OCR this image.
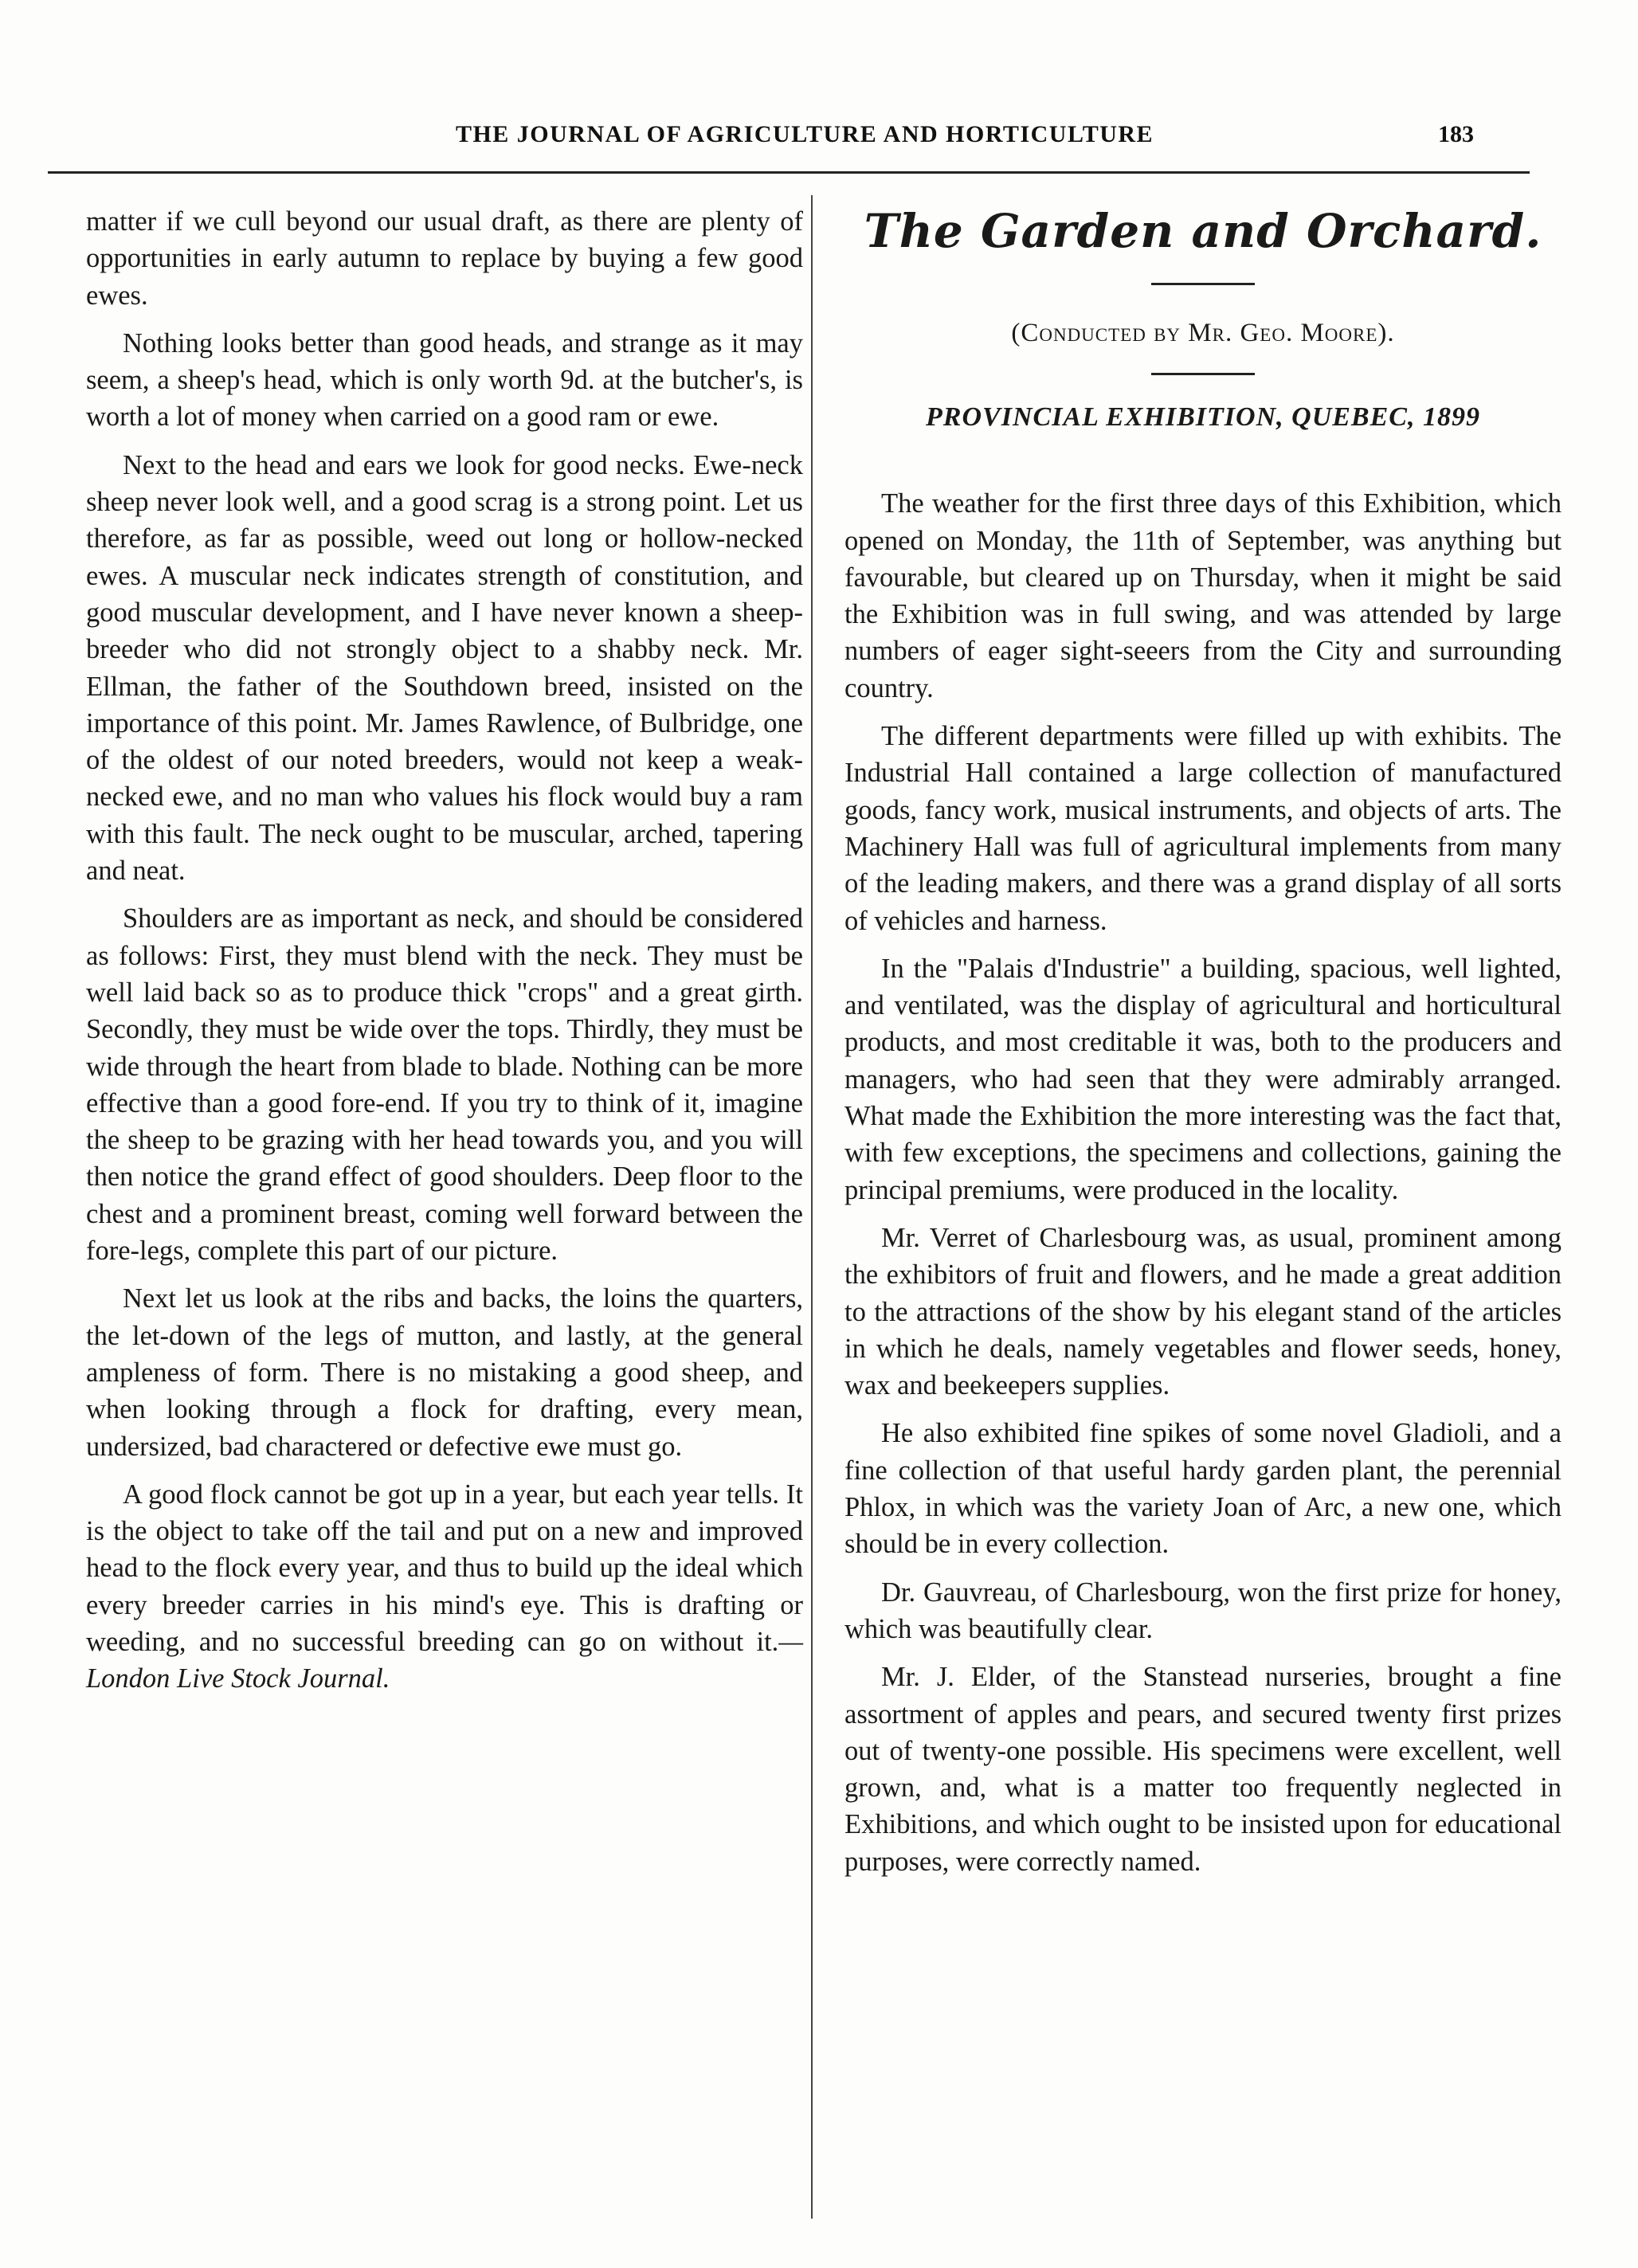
THE JOURNAL OF AGRICULTURE AND HORTICULTURE	183

matter if we cull beyond our usual draft, as there are plenty of opportunities in early autumn to replace by buying a few good ewes.

Nothing looks better than good heads, and strange as it may seem, a sheep's head, which is only worth 9d. at the butcher's, is worth a lot of money when carried on a good ram or ewe.

Next to the head and ears we look for good necks. Ewe-neck sheep never look well, and a good scrag is a strong point. Let us therefore, as far as possible, weed out long or hollow-necked ewes. A muscular neck indicates strength of constitution, and good muscular development, and I have never known a sheep-breeder who did not strongly object to a shabby neck. Mr. Ellman, the father of the Southdown breed, insisted on the importance of this point. Mr. James Rawlence, of Bulbridge, one of the oldest of our noted breeders, would not keep a weak-necked ewe, and no man who values his flock would buy a ram with this fault. The neck ought to be muscular, arched, tapering and neat.

Shoulders are as important as neck, and should be considered as follows: First, they must blend with the neck. They must be well laid back so as to produce thick "crops" and a great girth. Secondly, they must be wide over the tops. Thirdly, they must be wide through the heart from blade to blade. Nothing can be more effective than a good fore-end. If you try to think of it, imagine the sheep to be grazing with her head towards you, and you will then notice the grand effect of good shoulders. Deep floor to the chest and a prominent breast, coming well forward between the fore-legs, complete this part of our picture.

Next let us look at the ribs and backs, the loins the quarters, the let-down of the legs of mutton, and lastly, at the general ampleness of form. There is no mistaking a good sheep, and when looking through a flock for drafting, every mean, undersized, bad charactered or defective ewe must go.

A good flock cannot be got up in a year, but each year tells. It is the object to take off the tail and put on a new and improved head to the flock every year, and thus to build up the ideal which every breeder carries in his mind's eye. This is drafting or weeding, and no successful breeding can go on without it.—London Live Stock Journal.

The Garden and Orchard.
(Conducted by Mr. Geo. Moore).
PROVINCIAL EXHIBITION, QUEBEC, 1899

The weather for the first three days of this Exhibition, which opened on Monday, the 11th of September, was anything but favourable, but cleared up on Thursday, when it might be said the Exhibition was in full swing, and was attended by large numbers of eager sight-seeers from the City and surrounding country.

The different departments were filled up with exhibits. The Industrial Hall contained a large collection of manufactured goods, fancy work, musical instruments, and objects of arts. The Machinery Hall was full of agricultural implements from many of the leading makers, and there was a grand display of all sorts of vehicles and harness.

In the "Palais d'Industrie" a building, spacious, well lighted, and ventilated, was the display of agricultural and horticultural products, and most creditable it was, both to the producers and managers, who had seen that they were admirably arranged. What made the Exhibition the more interesting was the fact that, with few exceptions, the specimens and collections, gaining the principal premiums, were produced in the locality.

Mr. Verret of Charlesbourg was, as usual, prominent among the exhibitors of fruit and flowers, and he made a great addition to the attractions of the show by his elegant stand of the articles in which he deals, namely vegetables and flower seeds, honey, wax and beekeepers supplies.

He also exhibited fine spikes of some novel Gladioli, and a fine collection of that useful hardy garden plant, the perennial Phlox, in which was the variety Joan of Arc, a new one, which should be in every collection.

Dr. Gauvreau, of Charlesbourg, won the first prize for honey, which was beautifully clear.

Mr. J. Elder, of the Stanstead nurseries, brought a fine assortment of apples and pears, and secured twenty first prizes out of twenty-one possible. His specimens were excellent, well grown, and, what is a matter too frequently neglected in Exhibitions, and which ought to be insisted upon for educational purposes, were correctly named.
